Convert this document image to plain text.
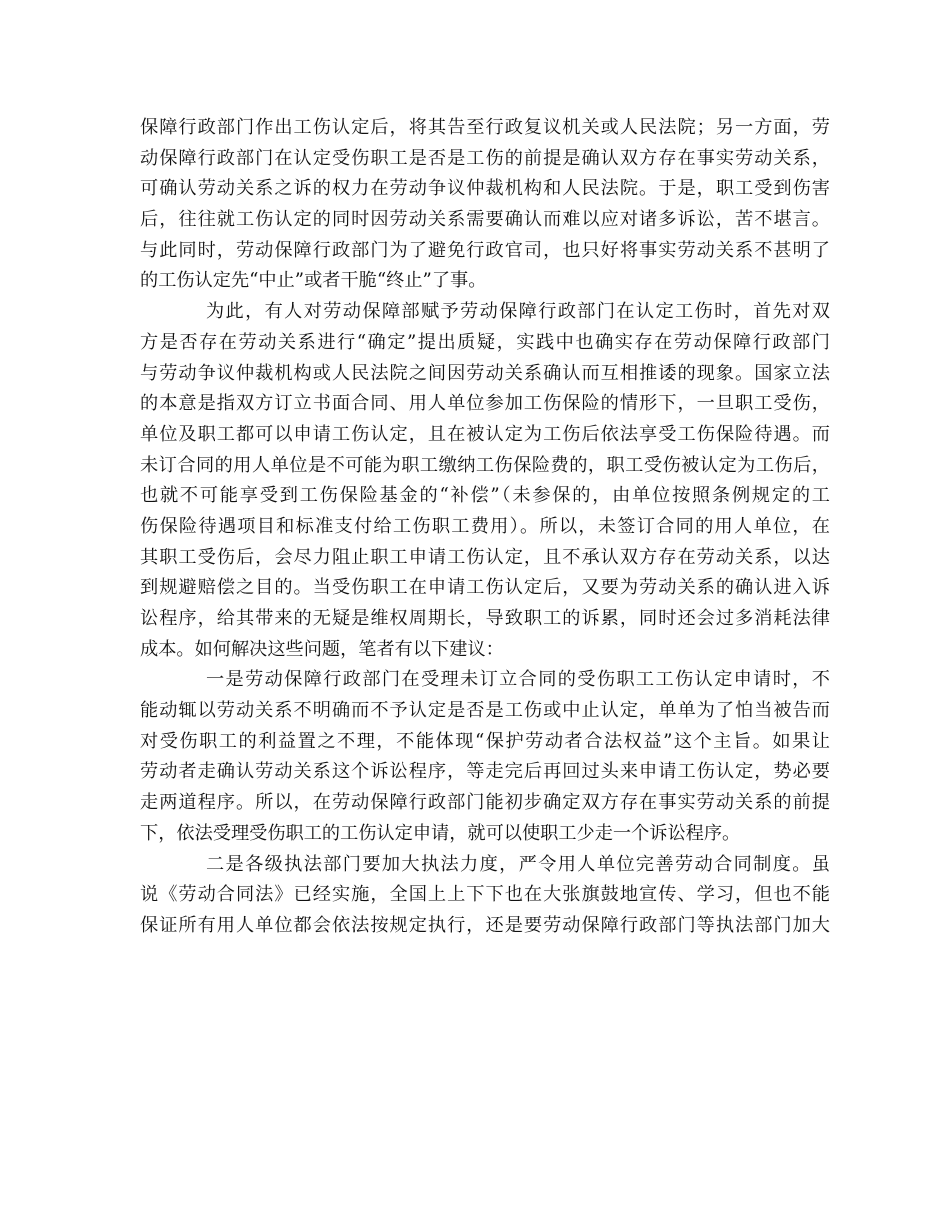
保障行政部门作出工伤认定后，将其告至行政复议机关或人民法院；另一方面，劳
动保障行政部门在认定受伤职工是否是工伤的前提是确认双方存在事实劳动关系，
可确认劳动关系之诉的权力在劳动争议仲裁机构和人民法院。于是，职工受到伤害
后，往往就工伤认定的同时因劳动关系需要确认而难以应对诸多诉讼，苦不堪言。
与此同时，劳动保障行政部门为了避免行政官司，也只好将事实劳动关系不甚明了
的工伤认定先“中止”或者干脆“终止”了事。
为此，有人对劳动保障部赋予劳动保障行政部门在认定工伤时，首先对双
方是否存在劳动关系进行“确定”提出质疑，实践中也确实存在劳动保障行政部门
与劳动争议仲裁机构或人民法院之间因劳动关系确认而互相推诿的现象。国家立法
的本意是指双方订立书面合同、用人单位参加工伤保险的情形下，一旦职工受伤，
单位及职工都可以申请工伤认定，且在被认定为工伤后依法享受工伤保险待遇。而
未订合同的用人单位是不可能为职工缴纳工伤保险费的，职工受伤被认定为工伤后，
也就不可能享受到工伤保险基金的“补偿”（未参保的，由单位按照条例规定的工
伤保险待遇项目和标准支付给工伤职工费用）。所以，未签订合同的用人单位，在
其职工受伤后，会尽力阻止职工申请工伤认定，且不承认双方存在劳动关系，以达
到规避赔偿之目的。当受伤职工在申请工伤认定后，又要为劳动关系的确认进入诉
讼程序，给其带来的无疑是维权周期长，导致职工的诉累，同时还会过多消耗法律
成本。如何解决这些问题，笔者有以下建议：
一是劳动保障行政部门在受理未订立合同的受伤职工工伤认定申请时，不
能动辄以劳动关系不明确而不予认定是否是工伤或中止认定，单单为了怕当被告而
对受伤职工的利益置之不理，不能体现“保护劳动者合法权益”这个主旨。如果让
劳动者走确认劳动关系这个诉讼程序，等走完后再回过头来申请工伤认定，势必要
走两道程序。所以，在劳动保障行政部门能初步确定双方存在事实劳动关系的前提
下，依法受理受伤职工的工伤认定申请，就可以使职工少走一个诉讼程序。
二是各级执法部门要加大执法力度，严令用人单位完善劳动合同制度。虽
说《劳动合同法》已经实施，全国上上下下也在大张旗鼓地宣传、学习，但也不能
保证所有用人单位都会依法按规定执行，还是要劳动保障行政部门等执法部门加大
